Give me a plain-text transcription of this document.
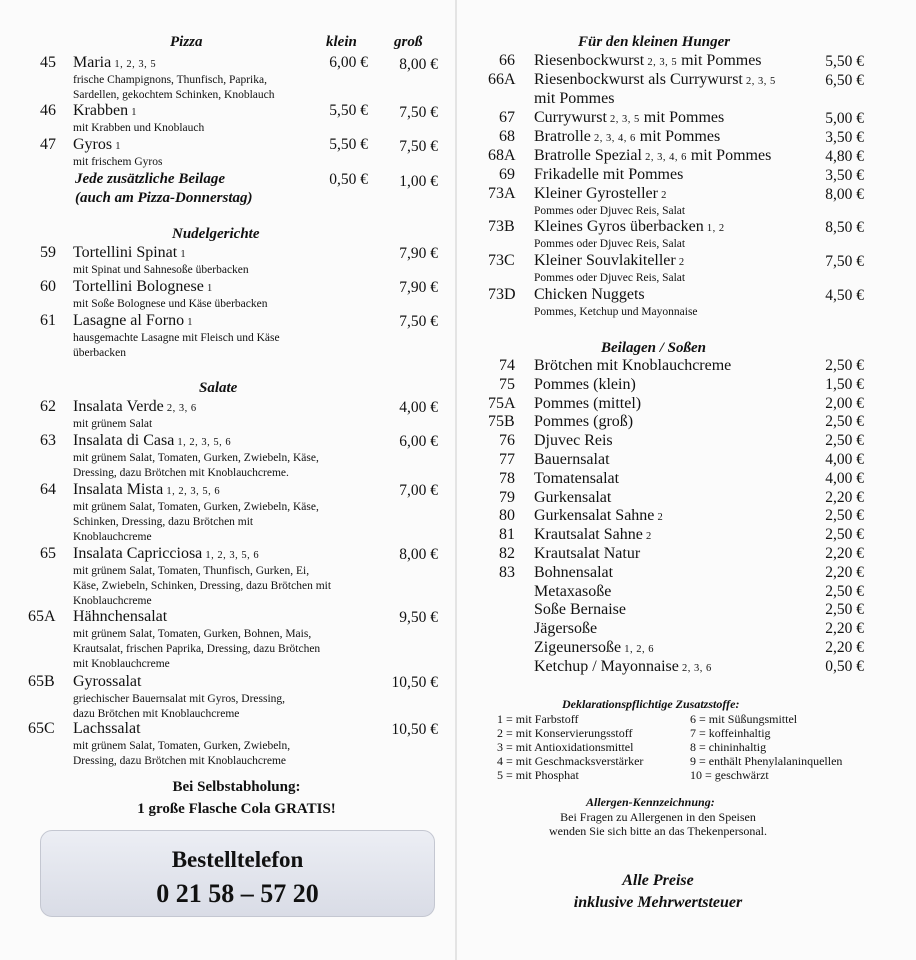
Pizza	klein groß
45 Maria 1, 2, 3, 5
frische Champignons, Thunfisch, Paprika,
Sardellen, gekochtem Schinken, Knoblauch
6,00 €	8,00 €
46 Krabben 1
mit Krabben und Knoblauch
5,50 €	7,50 €
47 Gyros 1
mit frischem Gyros
5,50 €	7,50 €
Jede zusätzliche Beilage
(auch am Pizza-Donnerstag)
0,50 €	1,00 €
Nudelgerichte
59 Tortellini Spinat 1
mit Spinat und Sahnesoße überbacken
7,90 €
60 Tortellini Bolognese 1
mit Soße Bolognese und Käse überbacken
7,90 €
61 Lasagne al Forno 1
hausgemachte Lasagne mit Fleisch und Käse
überbacken
7,50 €
Salate
62 Insalata Verde 2, 3, 6
mit grünem Salat
4,00 €
63 Insalata di Casa 1, 2, 3, 5, 6
mit grünem Salat, Tomaten, Gurken, Zwiebeln, Käse,
Dressing, dazu Brötchen mit Knoblauchcreme.
6,00 €
64 Insalata Mista 1, 2, 3, 5, 6
mit grünem Salat, Tomaten, Gurken, Zwiebeln, Käse,
Schinken, Dressing, dazu Brötchen mit
Knoblauchcreme
7,00 €
65 Insalata Capricciosa 1, 2, 3, 5, 6
mit grünem Salat, Tomaten, Thunfisch, Gurken, Ei,
Käse, Zwiebeln, Schinken, Dressing, dazu Brötchen mit
Knoblauchcreme
8,00 €
65A Hähnchensalat
mit grünem Salat, Tomaten, Gurken, Bohnen, Mais,
Krautsalat, frischen Paprika, Dressing, dazu Brötchen
mit Knoblauchcreme
9,50 €
65B Gyrossalat
griechischer Bauernsalat mit Gyros, Dressing,
dazu Brötchen mit Knoblauchcreme
10,50 €
65C Lachssalat
mit grünem Salat, Tomaten, Gurken, Zwiebeln,
Dressing, dazu Brötchen mit Knoblauchcreme
10,50 €
Bei Selbstabholung:
1 große Flasche Cola GRATIS!
Bestelltelefon
0 21 58 – 57 20
Für den kleinen Hunger
66 Riesenbockwurst 2, 3, 5 mit Pommes	5,50 €
66A Riesenbockwurst als Currywurst 2, 3, 5
mit Pommes
6,50 €
67 Currywurst 2, 3, 5 mit Pommes	5,00 €
68 Bratrolle 2, 3, 4, 6 mit Pommes	3,50 €
68A Bratrolle Spezial 2, 3, 4, 6 mit Pommes	4,80 €
69 Frikadelle mit Pommes	3,50 €
73A Kleiner Gyrosteller 2
Pommes oder Djuvec Reis, Salat
8,00 €
73B Kleines Gyros überbacken 1, 2
Pommes oder Djuvec Reis, Salat
8,50 €
73C Kleiner Souvlakiteller 2
Pommes oder Djuvec Reis, Salat
7,50 €
73D Chicken Nuggets
Pommes, Ketchup und Mayonnaise
4,50 €
Beilagen / Soßen
74 Brötchen mit Knoblauchcreme	2,50 €
75 Pommes (klein)	1,50 €
75A Pommes (mittel)	2,00 €
75B Pommes (groß)	2,50 €
76 Djuvec Reis	2,50 €
77 Bauernsalat	4,00 €
78 Tomatensalat	4,00 €
79 Gurkensalat	2,20 €
80 Gurkensalat Sahne 2	2,50 €
81 Krautsalat Sahne 2	2,50 €
82 Krautsalat Natur	2,20 €
83 Bohnensalat	2,20 €
Metaxasoße	2,50 €
Soße Bernaise	2,50 €
Jägersoße	2,20 €
Zigeunersoße 1, 2, 6	2,20 €
Ketchup / Mayonnaise 2, 3, 6	0,50 €
Deklarationspflichtige Zusatzstoffe:
1 = mit Farbstoff
2 = mit Konservierungsstoff
3 = mit Antioxidationsmittel
4 = mit Geschmacksverstärker
5 = mit Phosphat
6 = mit Süßungsmittel
7 = koffeinhaltig
8 = chininhaltig
9 = enthält Phenylalaninquellen
10 = geschwärzt
Allergen-Kennzeichnung:
Bei Fragen zu Allergenen in den Speisen
wenden Sie sich bitte an das Thekenpersonal.
Alle Preise
inklusive Mehrwertsteuer
